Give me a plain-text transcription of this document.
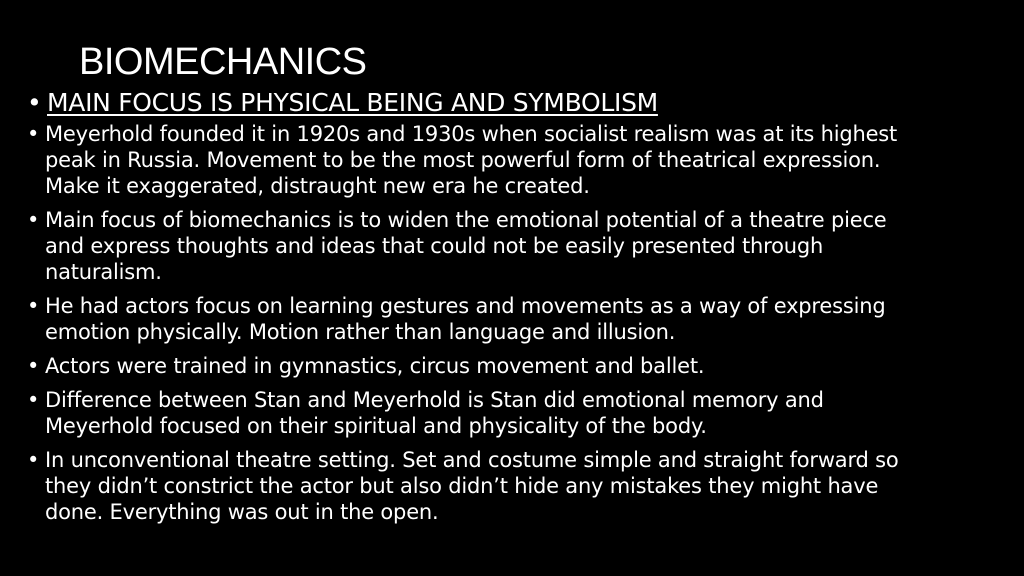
BIOMECHANICS
• MAIN FOCUS IS PHYSICAL BEING AND SYMBOLISM
• Meyerhold founded it in 1920s and 1930s when socialist realism was at its highest
peak in Russia. Movement to be the most powerful form of theatrical expression.
Make it exaggerated, distraught new era he created.
• Main focus of biomechanics is to widen the emotional potential of a theatre piece
and express thoughts and ideas that could not be easily presented through
naturalism.
• He had actors focus on learning gestures and movements as a way of expressing
emotion physically. Motion rather than language and illusion.
• Actors were trained in gymnastics, circus movement and ballet.
• Difference between Stan and Meyerhold is Stan did emotional memory and
Meyerhold focused on their spiritual and physicality of the body.
• In unconventional theatre setting. Set and costume simple and straight forward so
they didn’t constrict the actor but also didn’t hide any mistakes they might have
done. Everything was out in the open.
